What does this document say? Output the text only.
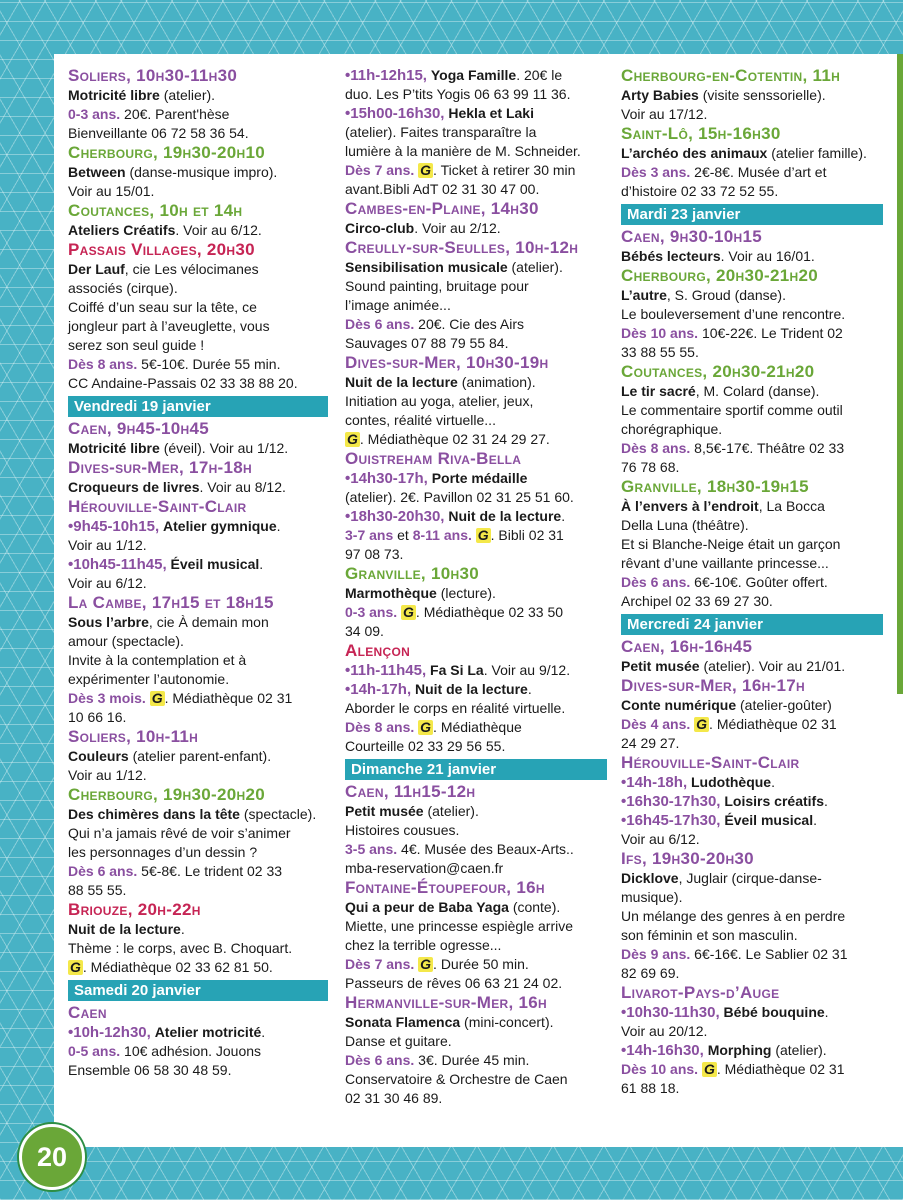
Soliers, 10h30-11h30
Motricité libre (atelier).
0-3 ans. 20€. Parent'hèse
Bienveillante 06 72 58 36 54.
Cherbourg, 19h30-20h10
Between (danse-musique impro).
Voir au 15/01.
Coutances, 10h et 14h
Ateliers Créatifs. Voir au 6/12.
Passais Villages, 20h30
Der Lauf, cie Les vélocimanes
associés (cirque).
Coiffé d’un seau sur la tête, ce
jongleur part à l’aveuglette, vous
serez son seul guide !
Dès 8 ans. 5€-10€. Durée 55 min.
CC Andaine-Passais 02 33 38 88 20.
Vendredi 19 janvier
Caen, 9h45-10h45
Motricité libre (éveil). Voir au 1/12.
Dives-sur-Mer, 17h-18h
Croqueurs de livres. Voir au 8/12.
Hérouville-Saint-Clair
•9h45-10h15, Atelier gymnique.
Voir au 1/12.
•10h45-11h45, Éveil musical.
Voir au 6/12.
La Cambe, 17h15 et 18h15
Sous l’arbre, cie À demain mon
amour (spectacle).
Invite à la contemplation et à
expérimenter l’autonomie.
Dès 3 mois. G . Médiathèque 02 31
10 66 16.
Soliers, 10h-11h
Couleurs (atelier parent-enfant).
Voir au 1/12.
Cherbourg, 19h30-20h20
Des chimères dans la tête (spectacle).
Qui n’a jamais rêvé de voir s’animer
les personnages d’un dessin ?
Dès 6 ans. 5€-8€. Le trident 02 33
88 55 55.
Briouze, 20h-22h
Nuit de la lecture.
Thème : le corps, avec B. Choquart.
G . Médiathèque 02 33 62 81 50.
Samedi 20 janvier
Caen
•10h-12h30, Atelier motricité.
0-5 ans. 10€ adhésion. Jouons
Ensemble 06 58 30 48 59.
•11h-12h15, Yoga Famille. 20€ le
duo. Les P’tits Yogis 06 63 99 11 36.
•15h00-16h30, Hekla et Laki
(atelier). Faites transparaître la
lumière à la manière de M. Schneider.
Dès 7 ans. G . Ticket à retirer 30 min
avant.Bibli AdT 02 31 30 47 00.
Cambes-en-Plaine, 14h30
Circo-club. Voir au 2/12.
Creully-sur-Seulles, 10h-12h
Sensibilisation musicale (atelier).
Sound painting, bruitage pour
l’image animée...
Dès 6 ans. 20€. Cie des Airs
Sauvages 07 88 79 55 84.
Dives-sur-Mer, 10h30-19h
Nuit de la lecture (animation).
Initiation au yoga, atelier, jeux,
contes, réalité virtuelle...
G . Médiathèque 02 31 24 29 27.
Ouistreham Riva-Bella
•14h30-17h, Porte médaille
(atelier). 2€. Pavillon 02 31 25 51 60.
•18h30-20h30, Nuit de la lecture.
3-7 ans et 8-11 ans. G . Bibli 02 31
97 08 73.
Granville, 10h30
Marmothèque (lecture).
0-3 ans. G . Médiathèque 02 33 50
34 09.
Alençon
•11h-11h45, Fa Si La. Voir au 9/12.
•14h-17h, Nuit de la lecture.
Aborder le corps en réalité virtuelle.
Dès 8 ans. G . Médiathèque
Courteille 02 33 29 56 55.
Dimanche 21 janvier
Caen, 11h15-12h
Petit musée (atelier).
Histoires cousues.
3-5 ans. 4€. Musée des Beaux-Arts..
mba-reservation@caen.fr
Fontaine-Étoupefour, 16h
Qui a peur de Baba Yaga (conte).
Miette, une princesse espiègle arrive
chez la terrible ogresse...
Dès 7 ans. G . Durée 50 min.
Passeurs de rêves 06 63 21 24 02.
Hermanville-sur-Mer, 16h
Sonata Flamenca (mini-concert).
Danse et guitare.
Dès 6 ans. 3€. Durée 45 min.
Conservatoire & Orchestre de Caen
02 31 30 46 89.
Cherbourg-en-Cotentin, 11h
Arty Babies (visite senssorielle).
Voir au 17/12.
Saint-Lô, 15h-16h30
L’archéo des animaux (atelier famille).
Dès 3 ans. 2€-8€. Musée d’art et
d’histoire 02 33 72 52 55.
Mardi 23 janvier
Caen, 9h30-10h15
Bébés lecteurs. Voir au 16/01.
Cherbourg, 20h30-21h20
L’autre, S. Groud (danse).
Le bouleversement d’une rencontre.
Dès 10 ans. 10€-22€. Le Trident 02
33 88 55 55.
Coutances, 20h30-21h20
Le tir sacré, M. Colard (danse).
Le commentaire sportif comme outil
chorégraphique.
Dès 8 ans. 8,5€-17€. Théâtre 02 33
76 78 68.
Granville, 18h30-19h15
À l’envers à l’endroit, La Bocca
Della Luna (théâtre).
Et si Blanche-Neige était un garçon
rêvant d’une vaillante princesse...
Dès 6 ans. 6€-10€. Goûter offert.
Archipel 02 33 69 27 30.
Mercredi 24 janvier
Caen, 16h-16h45
Petit musée (atelier). Voir au 21/01.
Dives-sur-Mer, 16h-17h
Conte numérique (atelier-goûter)
Dès 4 ans. G . Médiathèque 02 31
24 29 27.
Hérouville-Saint-Clair
•14h-18h, Ludothèque.
•16h30-17h30, Loisirs créatifs.
•16h45-17h30, Éveil musical.
Voir au 6/12.
Ifs, 19h30-20h30
Dicklove, Juglair (cirque-danse-
musique).
Un mélange des genres à en perdre
son féminin et son masculin.
Dès 9 ans. 6€-16€. Le Sablier 02 31
82 69 69.
Livarot-Pays-d’Auge
•10h30-11h30, Bébé bouquine.
Voir au 20/12.
•14h-16h30, Morphing (atelier).
Dès 10 ans. G . Médiathèque 02 31
61 88 18.
20
